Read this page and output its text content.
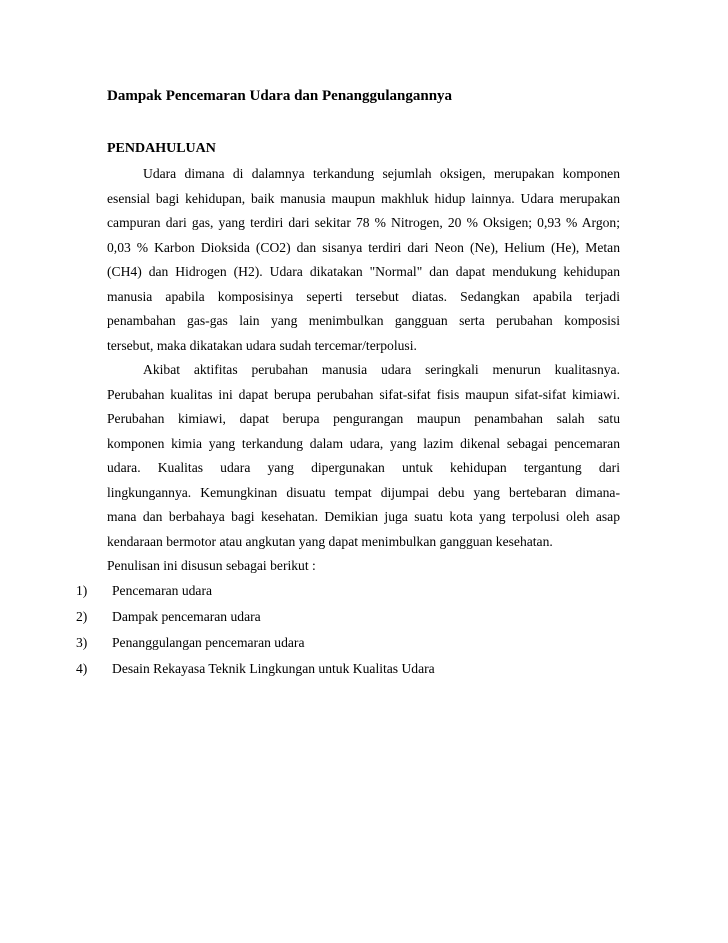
Dampak Pencemaran Udara dan Penanggulangannya
PENDAHULUAN
Udara dimana di dalamnya terkandung sejumlah oksigen, merupakan komponen
esensial bagi kehidupan, baik manusia maupun makhluk hidup lainnya. Udara merupakan
campuran dari gas, yang terdiri dari sekitar 78 % Nitrogen, 20 % Oksigen; 0,93 % Argon;
0,03 % Karbon Dioksida (CO2) dan sisanya terdiri dari Neon (Ne), Helium (He), Metan
(CH4) dan Hidrogen (H2). Udara dikatakan "Normal" dan dapat mendukung kehidupan
manusia apabila komposisinya seperti tersebut diatas. Sedangkan apabila terjadi
penambahan gas-gas lain yang menimbulkan gangguan serta perubahan komposisi
tersebut, maka dikatakan udara sudah tercemar/terpolusi.
Akibat aktifitas perubahan manusia udara seringkali menurun kualitasnya.
Perubahan kualitas ini dapat berupa perubahan sifat-sifat fisis maupun sifat-sifat kimiawi.
Perubahan kimiawi, dapat berupa pengurangan maupun penambahan salah satu
komponen kimia yang terkandung dalam udara, yang lazim dikenal sebagai pencemaran
udara. Kualitas udara yang dipergunakan untuk kehidupan tergantung dari
lingkungannya. Kemungkinan disuatu tempat dijumpai debu yang bertebaran dimana-
mana dan berbahaya bagi kesehatan. Demikian juga suatu kota yang terpolusi oleh asap
kendaraan bermotor atau angkutan yang dapat menimbulkan gangguan kesehatan.
Penulisan ini disusun sebagai berikut :
1) Pencemaran udara
2) Dampak pencemaran udara
3) Penanggulangan pencemaran udara
4) Desain Rekayasa Teknik Lingkungan untuk Kualitas Udara
